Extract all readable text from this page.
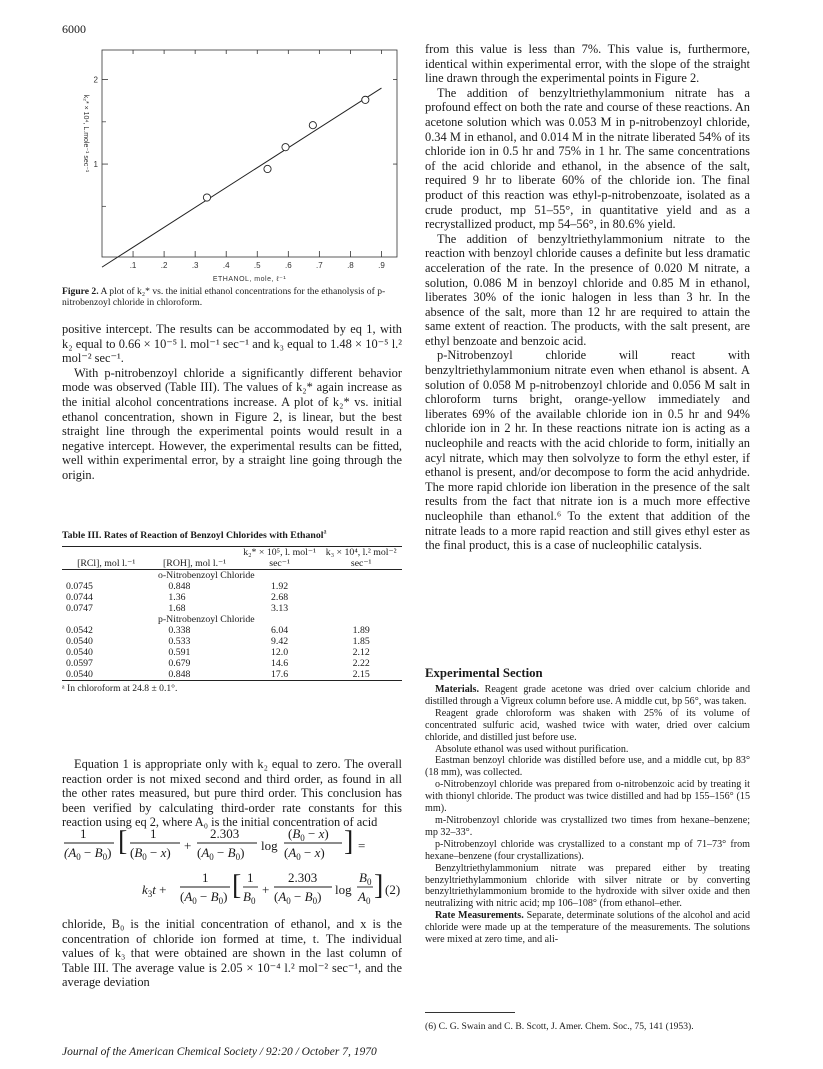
6000
.1	.2	.3	.4	.5	.6	.7	.8	.9
2
1
ETHANOL, mole, ℓ⁻¹
k₂* × 10⁴, L.mole⁻¹ sec⁻¹
Figure 2. A plot of k₂* vs. the initial ethanol concentrations for the ethanolysis of p-nitrobenzoyl chloride in chloroform.
positive intercept. The results can be accommodated by eq 1, with k₂ equal to 0.66 × 10⁻⁵ l. mol⁻¹ sec⁻¹ and k₃ equal to 1.48 × 10⁻⁵ l.² mol⁻² sec⁻¹.

With p-nitrobenzoyl chloride a significantly different behavior mode was observed (Table III). The values of k₂* again increase as the initial alcohol concentrations increase. A plot of k₂* vs. initial ethanol concentration, shown in Figure 2, is linear, but the best straight line through the experimental points would result in a negative intercept. However, the experimental results can be fitted, well within experimental error, by a straight line going through the origin.

Table III. Rates of Reaction of Benzoyl Chlorides with Ethanol$^a$
[RCl], mol l.⁻¹	[ROH], mol l.⁻¹	k₂* × 10⁵, l. mol⁻¹ sec⁻¹	k₃ × 10⁴, l.² mol⁻² sec⁻¹
o-Nitrobenzoyl Chloride			
0.0745	0.848	1.92	
0.0744	1.36	2.68	
0.0747	1.68	3.13	
p-Nitrobenzoyl Chloride			
0.0542	0.338	6.04	1.89
0.0540	0.533	9.42	1.85
0.0540	0.591	12.0	2.12
0.0597	0.679	14.6	2.22
0.0540	0.848	17.6	2.15
ᵃ In chloroform at 24.8 ± 0.1°.

Equation 1 is appropriate only with k₂ equal to zero. The overall reaction order is not mixed second and third order, as found in all the other rates measured, but pure third order. This conclusion has been verified by calculating third-order rate constants for this reaction using eq 2, where A₀ is the initial concentration of acid

1
$(A_0 - B_0)$ [ 1
$(B_0 - x)$ +
2.303
$(A_0 - B_0)$ log
$(B_0 - x)$
$(A_0 - x)$ ] =
$k_3t$ +
1
$(A_0 - B_0)$ [ 1
$B_0$
+
2.303
$(A_0 - B_0)$ log
$B_0$
$A_0$ ] (2)
chloride, B₀ is the initial concentration of ethanol, and x is the concentration of chloride ion formed at time, t. The individual values of k₃ that were obtained are shown in the last column of Table III. The average value is 2.05 × 10⁻⁴ l.² mol⁻² sec⁻¹, and the average deviation
from this value is less than 7%. This value is, furthermore, identical within experimental error, with the slope of the straight line drawn through the experimental points in Figure 2.

The addition of benzyltriethylammonium nitrate has a profound effect on both the rate and course of these reactions. An acetone solution which was 0.053 M in p-nitrobenzoyl chloride, 0.34 M in ethanol, and 0.014 M in the nitrate liberated 54% of its chloride ion in 0.5 hr and 75% in 1 hr. The same concentrations of the acid chloride and ethanol, in the absence of the salt, required 9 hr to liberate 60% of the chloride ion. The final product of this reaction was ethyl-p-nitrobenzoate, isolated as a crude product, mp 51–55°, in quantitative yield and as a recrystallized product, mp 54–56°, in 80.6% yield.

The addition of benzyltriethylammonium nitrate to the reaction with benzoyl chloride causes a definite but less dramatic acceleration of the rate. In the presence of 0.020 M nitrate, a solution, 0.086 M in benzoyl chloride and 0.85 M in ethanol, liberates 30% of the ionic halogen in less than 3 hr. In the absence of the salt, more than 12 hr are required to attain the same extent of reaction. The products, with the salt present, are ethyl benzoate and benzoic acid.

p-Nitrobenzoyl chloride will react with benzyltriethylammonium nitrate even when ethanol is absent. A solution of 0.058 M p-nitrobenzoyl chloride and 0.056 M salt in chloroform turns bright, orange-yellow immediately and liberates 69% of the available chloride ion in 0.5 hr and 94% chloride ion in 2 hr. In these reactions nitrate ion is acting as a nucleophile and reacts with the acid chloride to form, initially an acyl nitrate, which may then solvolyze to form the ethyl ester, if ethanol is present, and/or decompose to form the acid anhydride. The more rapid chloride ion liberation in the presence of the salt results from the fact that nitrate ion is a much more effective nucleophile than ethanol.⁶ To the extent that addition of the nitrate leads to a more rapid reaction and still gives ethyl ester as the final product, this is a case of nucleophilic catalysis.

Experimental Section

Materials. Reagent grade acetone was dried over calcium chloride and distilled through a Vigreux column before use. A middle cut, bp 56°, was taken.

Reagent grade chloroform was shaken with 25% of its volume of concentrated sulfuric acid, washed twice with water, dried over calcium chloride, and distilled just before use.

Absolute ethanol was used without purification.

Eastman benzoyl chloride was distilled before use, and a middle cut, bp 83° (18 mm), was collected.

o-Nitrobenzoyl chloride was prepared from o-nitrobenzoic acid by treating it with thionyl chloride. The product was twice distilled and had bp 155–156° (15 mm).

m-Nitrobenzoyl chloride was crystallized two times from hexane–benzene; mp 32–33°.

p-Nitrobenzoyl chloride was crystallized to a constant mp of 71–73° from hexane–benzene (four crystallizations).

Benzyltriethylammonium nitrate was prepared either by treating benzyltriethylammonium chloride with silver nitrate or by converting benzyltriethylammonium bromide to the hydroxide with silver oxide and then neutralizing with nitric acid; mp 106–108° (from ethanol–ether.

Rate Measurements. Separate, determinate solutions of the alcohol and acid chloride were made up at the temperature of the measurements. The solutions were mixed at zero time, and ali-

(6) C. G. Swain and C. B. Scott, J. Amer. Chem. Soc., 75, 141 (1953).
Journal of the American Chemical Society / 92:20 / October 7, 1970
